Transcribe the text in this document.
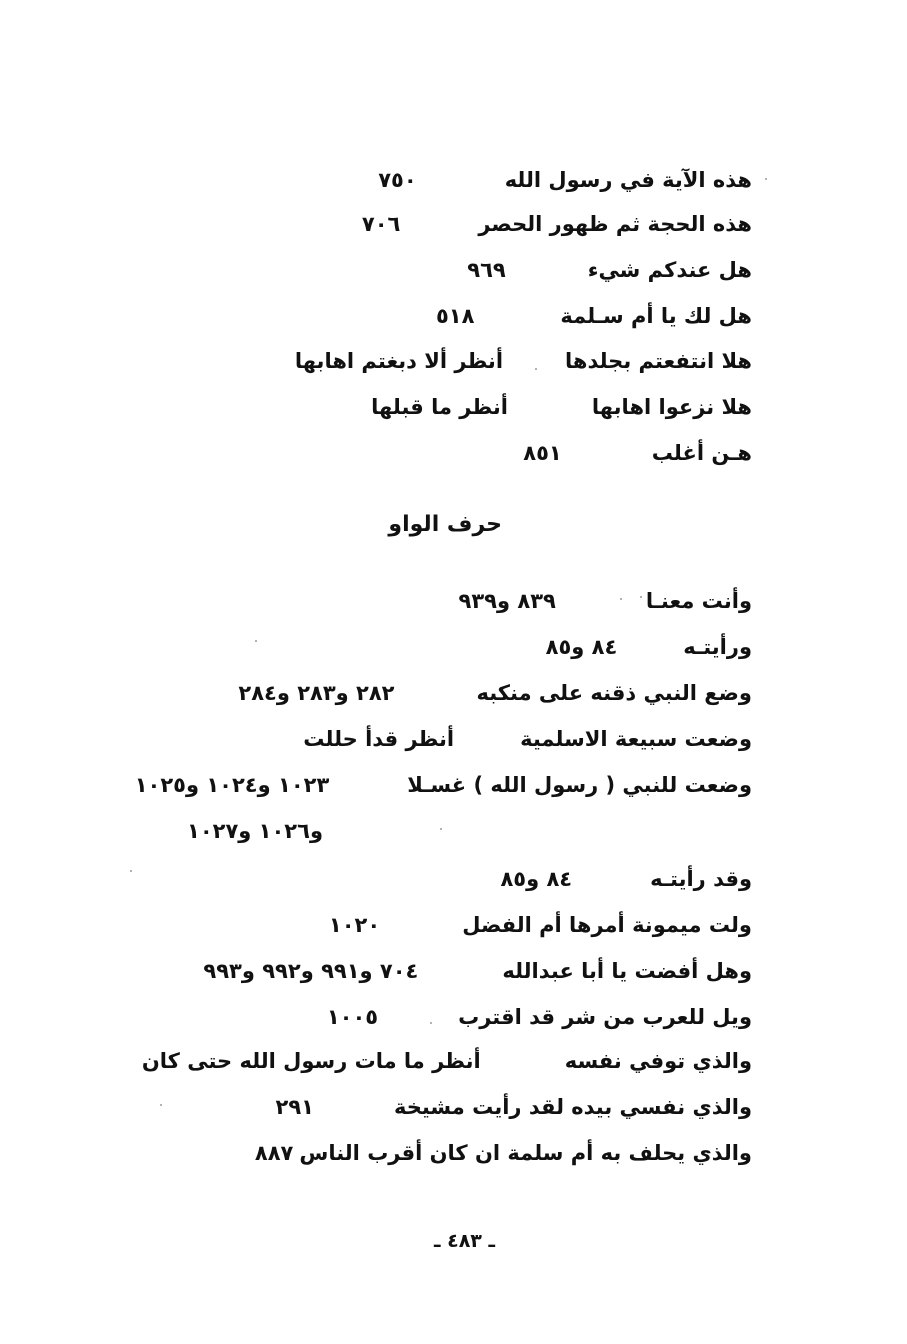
هذه الآية في رسول الله٧٥٠
هذه الحجة ثم ظهور الحصر٧٠٦
هل عندكم شيء٩٦٩
هل لك يا أم سـلمة٥١٨
هلا انتفعتم بجلدهاأنظر ألا دبغتم اهابها
هلا نزعوا اهابهاأنظر ما قبلها
هـن أغلب٨٥١
حرف الواو
وأنت معنـا٨٣٩ و٩٣٩
ورأيتـه٨٤ و٨٥
وضع النبي ذقنه على منكبه٢٨٢ و٢٨٣ و٢٨٤
وضعت سبيعة الاسلميةأنظر قدأ حللت
وضعت للنبي ( رسول الله ) غسـلا١٠٢٣ و١٠٢٤ و١٠٢٥
و١٠٢٦ و١٠٢٧
وقد رأيتـه٨٤ و٨٥
ولت ميمونة أمرها أم الفضل١٠٢٠
وهل أفضت يا أبا عبدالله٧٠٤ و٩٩١ و٩٩٢ و٩٩٣
ويل للعرب من شر قد اقترب١٠٠٥
والذي توفي نفسهأنظر ما مات رسول الله حتى كان
والذي نفسي بيده لقد رأيت مشيخة٢٩١
والذي يحلف به أم سلمة ان كان أقرب الناس٨٨٧
ـ ٤٨٣ ـ
